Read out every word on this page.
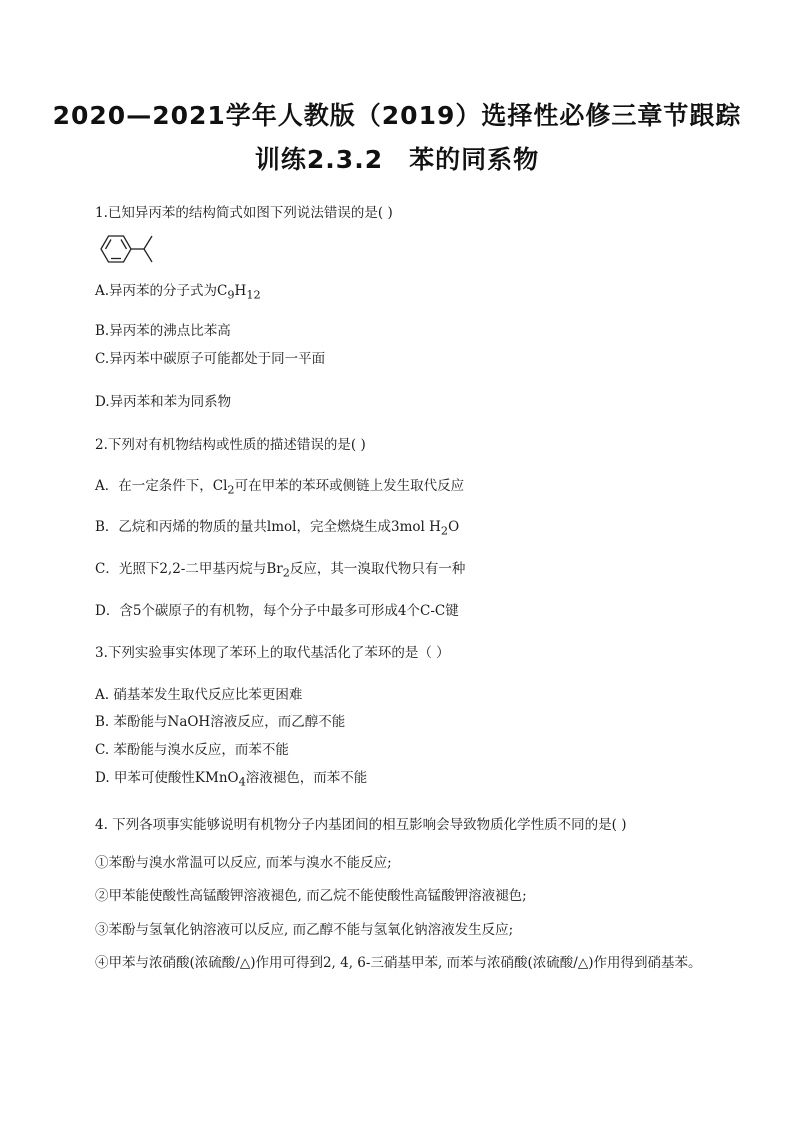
2020—2021学年人教版（2019）选择性必修三章节跟踪
训练2.3.2　苯的同系物
1.已知异丙苯的结构简式如图下列说法错误的是( )
A.异丙苯的分子式为$C_9H_{12}$
B.异丙苯的沸点比苯高
C.异丙苯中碳原子可能都处于同一平面
D.异丙苯和苯为同系物
2.下列对有机物结构或性质的描述错误的是( )
A．在一定条件下，$Cl_2$可在甲苯的苯环或侧链上发生取代反应
B．乙烷和丙烯的物质的量共lmol，完全燃烧生成3mol $H_2O$
C．光照下2,2-二甲基丙烷与$Br_2$反应，其一溴取代物只有一种
D．含5个碳原子的有机物，每个分子中最多可形成4个C-C键
3.下列实验事实体现了苯环上的取代基活化了苯环的是（ ）
A. 硝基苯发生取代反应比苯更困难
B. 苯酚能与NaOH溶液反应，而乙醇不能
C. 苯酚能与溴水反应，而苯不能
D. 甲苯可使酸性KMnO$_4$溶液褪色，而苯不能
4. 下列各项事实能够说明有机物分子内基团间的相互影响会导致物质化学性质不同的是( )
①苯酚与溴水常温可以反应, 而苯与溴水不能反应;
②甲苯能使酸性高锰酸钾溶液褪色, 而乙烷不能使酸性高锰酸钾溶液褪色;
③苯酚与氢氧化钠溶液可以反应, 而乙醇不能与氢氧化钠溶液发生反应;
④甲苯与浓硝酸(浓硫酸/△)作用可得到2, 4, 6-三硝基甲苯, 而苯与浓硝酸(浓硫酸/△)作用得到硝基苯。
